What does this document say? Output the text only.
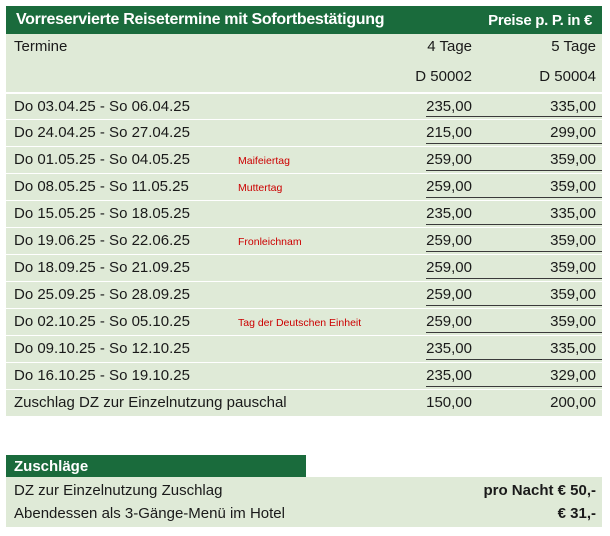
Vorreservierte Reisetermine mit Sofortbestätigung	Preise p. P. in €
Termine	4 Tage	5 Tage
D 50002	D 50004
Do 03.04.25 - So 06.04.25	235,00	335,00
Do 24.04.25 - So 27.04.25	215,00	299,00
Do 01.05.25 - So 04.05.25	Maifeiertag	259,00	359,00
Do 08.05.25 - So 11.05.25	Muttertag	259,00	359,00
Do 15.05.25 - So 18.05.25	235,00	335,00
Do 19.06.25 - So 22.06.25	Fronleichnam	259,00	359,00
Do 18.09.25 - So 21.09.25	259,00	359,00
Do 25.09.25 - So 28.09.25	259,00	359,00
Do 02.10.25 - So 05.10.25	Tag der Deutschen Einheit	259,00	359,00
Do 09.10.25 - So 12.10.25	235,00	335,00
Do 16.10.25 - So 19.10.25	235,00	329,00
Zuschlag DZ zur Einzelnutzung pauschal	150,00	200,00
Zuschläge
DZ zur Einzelnutzung Zuschlag	pro Nacht € 50,-
Abendessen als 3-Gänge-Menü im Hotel	€ 31,-
